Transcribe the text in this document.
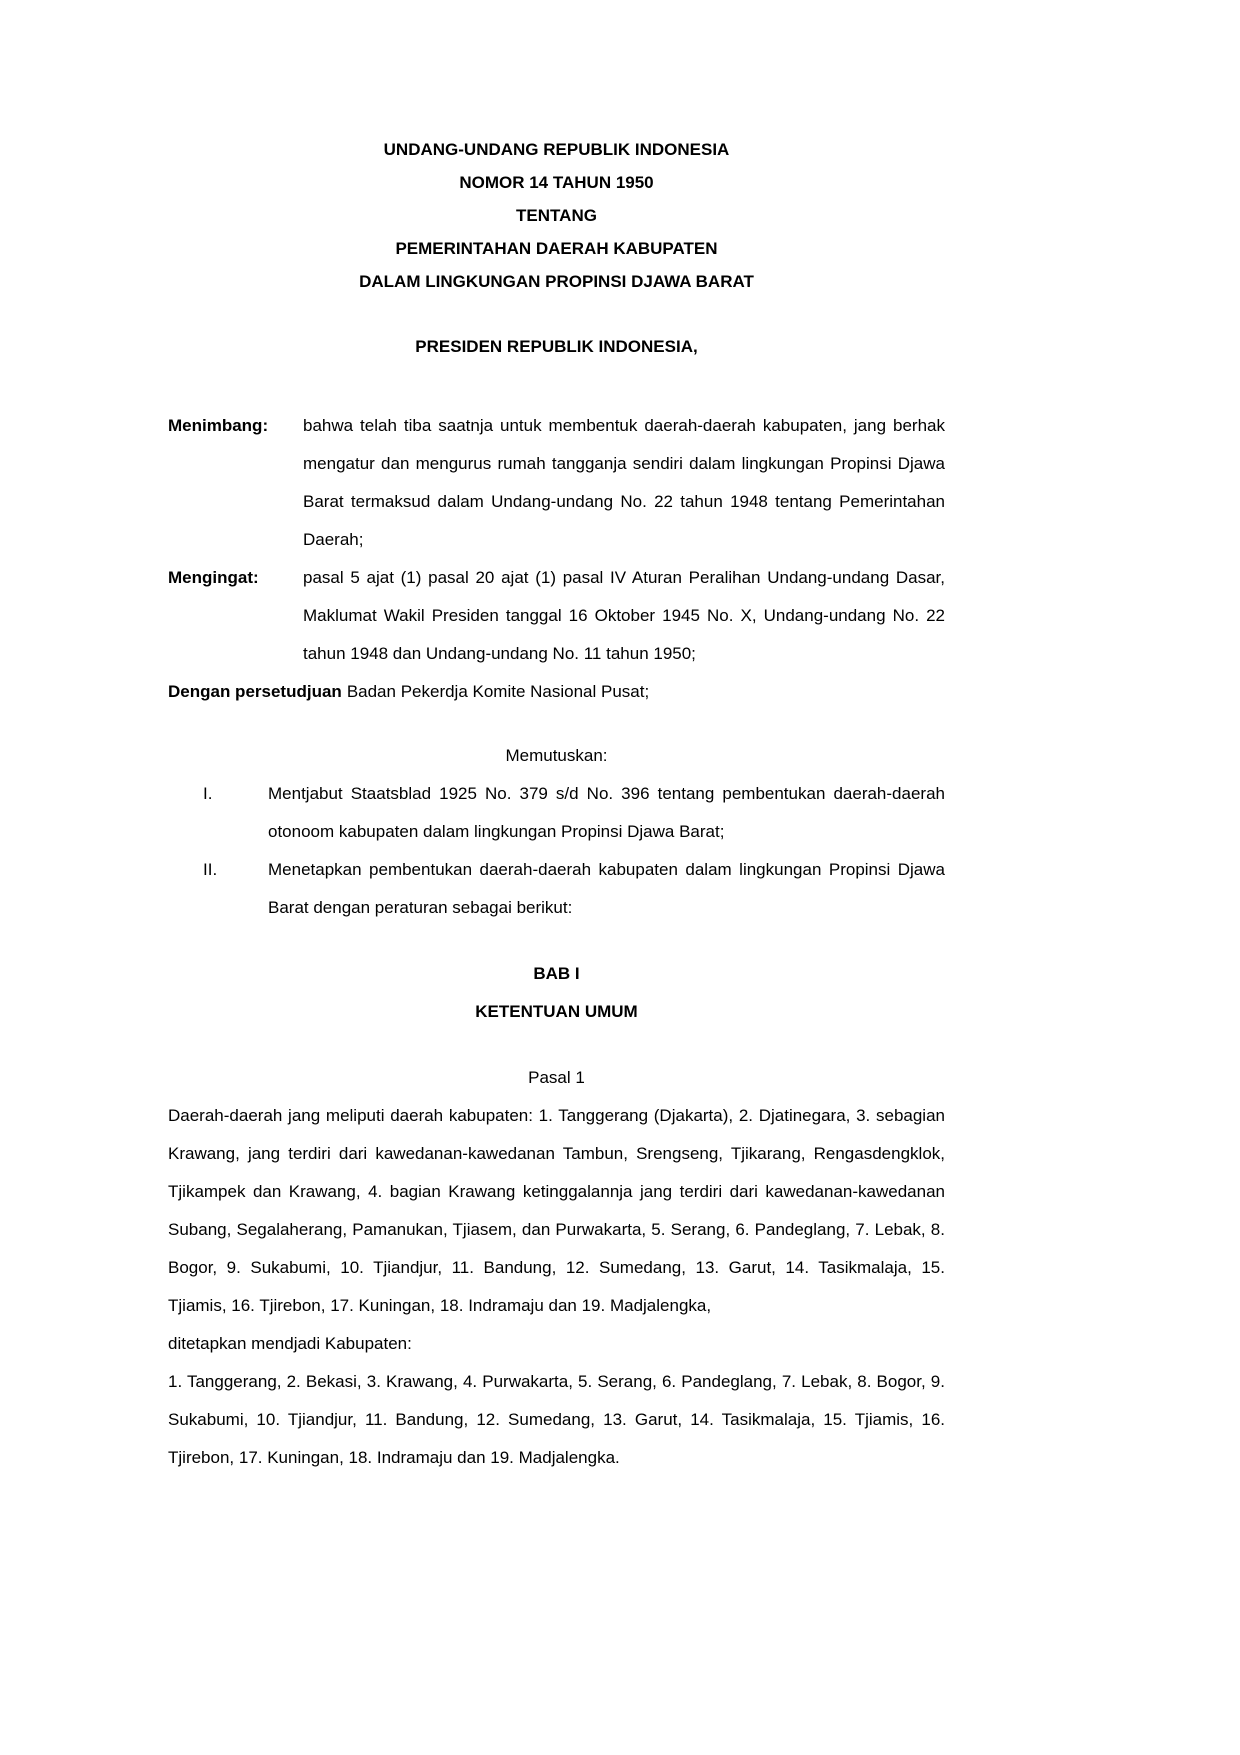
UNDANG-UNDANG REPUBLIK INDONESIA
NOMOR 14 TAHUN 1950
TENTANG
PEMERINTAHAN DAERAH KABUPATEN
DALAM LINGKUNGAN PROPINSI DJAWA BARAT
PRESIDEN REPUBLIK INDONESIA,
Menimbang:	bahwa telah tiba saatnja untuk membentuk daerah-daerah kabupaten, jang berhak mengatur dan mengurus rumah tangganja sendiri dalam lingkungan Propinsi Djawa Barat termaksud dalam Undang-undang No. 22 tahun 1948 tentang Pemerintahan Daerah;
Mengingat:	pasal 5 ajat (1) pasal 20 ajat (1) pasal IV Aturan Peralihan Undang-undang Dasar, Maklumat Wakil Presiden tanggal 16 Oktober 1945 No. X, Undang-undang No. 22 tahun 1948 dan Undang-undang No. 11 tahun 1950;
Dengan persetudjuan Badan Pekerdja Komite Nasional Pusat;
Memutuskan:
I.	Mentjabut Staatsblad 1925 No. 379 s/d No. 396 tentang pembentukan daerah-daerah otonoom kabupaten dalam lingkungan Propinsi Djawa Barat;
II.	Menetapkan pembentukan daerah-daerah kabupaten dalam lingkungan Propinsi Djawa Barat dengan peraturan sebagai berikut:
BAB I
KETENTUAN UMUM
Pasal 1
Daerah-daerah jang meliputi daerah kabupaten: 1. Tanggerang (Djakarta), 2. Djatinegara, 3. sebagian Krawang, jang terdiri dari kawedanan-kawedanan Tambun, Srengseng, Tjikarang, Rengasdengklok, Tjikampek dan Krawang, 4. bagian Krawang ketinggalannja jang terdiri dari kawedanan-kawedanan Subang, Segalaherang, Pamanukan, Tjiasem, dan Purwakarta, 5. Serang, 6. Pandeglang, 7. Lebak, 8. Bogor, 9. Sukabumi, 10. Tjiandjur, 11. Bandung, 12. Sumedang, 13. Garut, 14. Tasikmalaja, 15. Tjiamis, 16. Tjirebon, 17. Kuningan, 18. Indramaju dan 19. Madjalengka,
ditetapkan mendjadi Kabupaten:
1. Tanggerang, 2. Bekasi, 3. Krawang, 4. Purwakarta, 5. Serang, 6. Pandeglang, 7. Lebak, 8. Bogor, 9. Sukabumi, 10. Tjiandjur, 11. Bandung, 12. Sumedang, 13. Garut, 14. Tasikmalaja, 15. Tjiamis, 16. Tjirebon, 17. Kuningan, 18. Indramaju dan 19. Madjalengka.
